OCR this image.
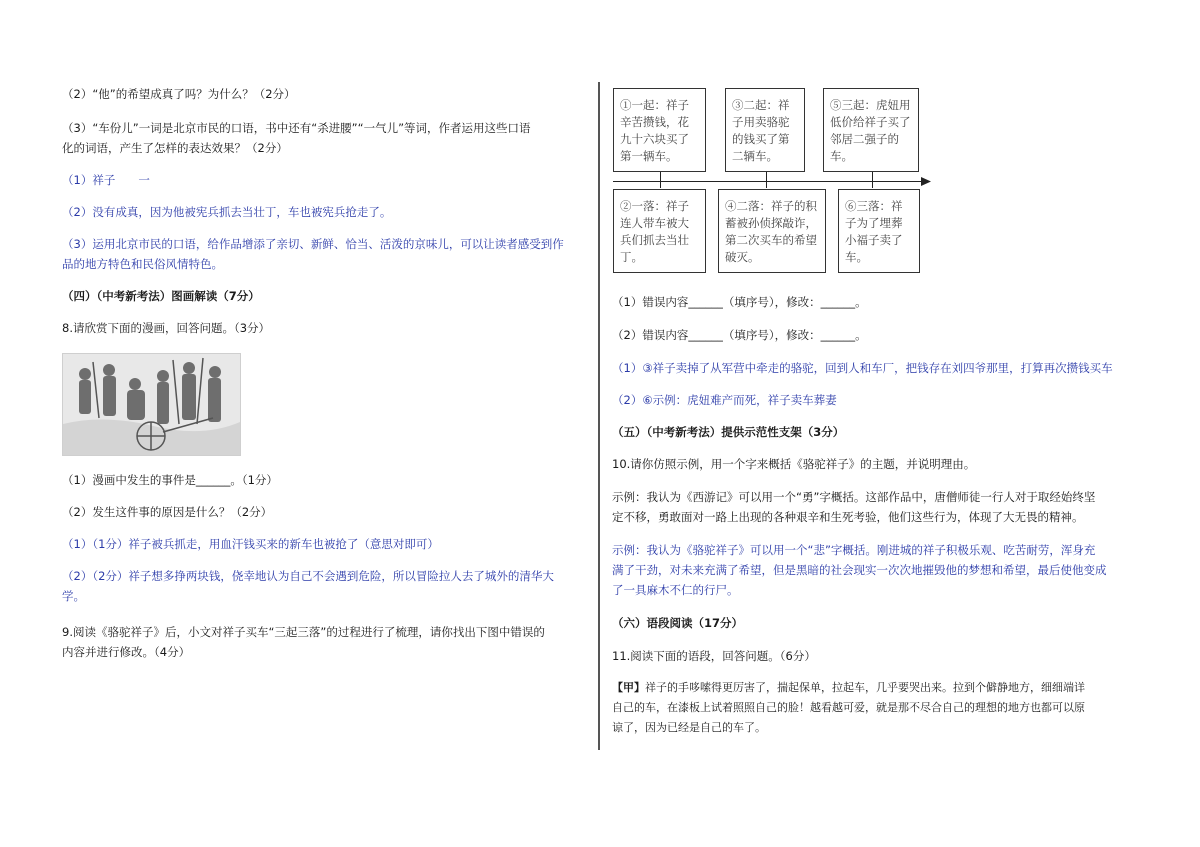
（2）“他”的希望成真了吗？为什么？（2分）
（3）“车份儿”一词是北京市民的口语，书中还有“杀进腰”“一气儿”等词，作者运用这些口语
化的词语，产生了怎样的表达效果？（2分）
（1）祥子　　一
（2）没有成真，因为他被宪兵抓去当壮丁，车也被宪兵抢走了。
（3）运用北京市民的口语，给作品增添了亲切、新鲜、恰当、活泼的京味儿，可以让读者感受到作
品的地方特色和民俗风情特色。
（四）（中考新考法）图画解读（7分）
8.请欣赏下面的漫画，回答问题。（3分）
（1）漫画中发生的事件是______。（1分）
（2）发生这件事的原因是什么？（2分）
（1）（1分）祥子被兵抓走，用血汗钱买来的新车也被抢了（意思对即可）
（2）（2分）祥子想多挣两块钱，侥幸地认为自己不会遇到危险，所以冒险拉人去了城外的清华大
学。
9.阅读《骆驼祥子》后，小文对祥子买车“三起三落”的过程进行了梳理，请你找出下图中错误的
内容并进行修改。（4分）
①一起：祥子辛苦攒钱，花九十六块买了第一辆车。
③二起：祥子用卖骆驼的钱买了第二辆车。
⑤三起：虎妞用低价给祥子买了邻居二强子的车。
②一落：祥子连人带车被大兵们抓去当壮丁。
④二落：祥子的积蓄被孙侦探敲诈，第二次买车的希望破灭。
⑥三落：祥子为了埋葬小福子卖了车。
（1）错误内容______（填序号），修改：______。
（2）错误内容______（填序号），修改：______。
（1）③祥子卖掉了从军营中牵走的骆驼，回到人和车厂，把钱存在刘四爷那里，打算再次攒钱买车
（2）⑥示例：虎妞难产而死，祥子卖车葬妻
（五）（中考新考法）提供示范性支架（3分）
10.请你仿照示例，用一个字来概括《骆驼祥子》的主题，并说明理由。
示例：我认为《西游记》可以用一个“勇”字概括。这部作品中，唐僧师徒一行人对于取经始终坚
定不移，勇敢面对一路上出现的各种艰辛和生死考验，他们这些行为，体现了大无畏的精神。
示例：我认为《骆驼祥子》可以用一个“悲”字概括。刚进城的祥子积极乐观、吃苦耐劳，浑身充
满了干劲，对未来充满了希望，但是黑暗的社会现实一次次地摧毁他的梦想和希望，最后使他变成
了一具麻木不仁的行尸。
（六）语段阅读（17分）
11.阅读下面的语段，回答问题。（6分）
【甲】祥子的手哆嗦得更厉害了，揣起保单，拉起车，几乎要哭出来。拉到个僻静地方，细细端详
自己的车，在漆板上试着照照自己的脸！越看越可爱，就是那不尽合自己的理想的地方也都可以原
谅了，因为已经是自己的车了。
